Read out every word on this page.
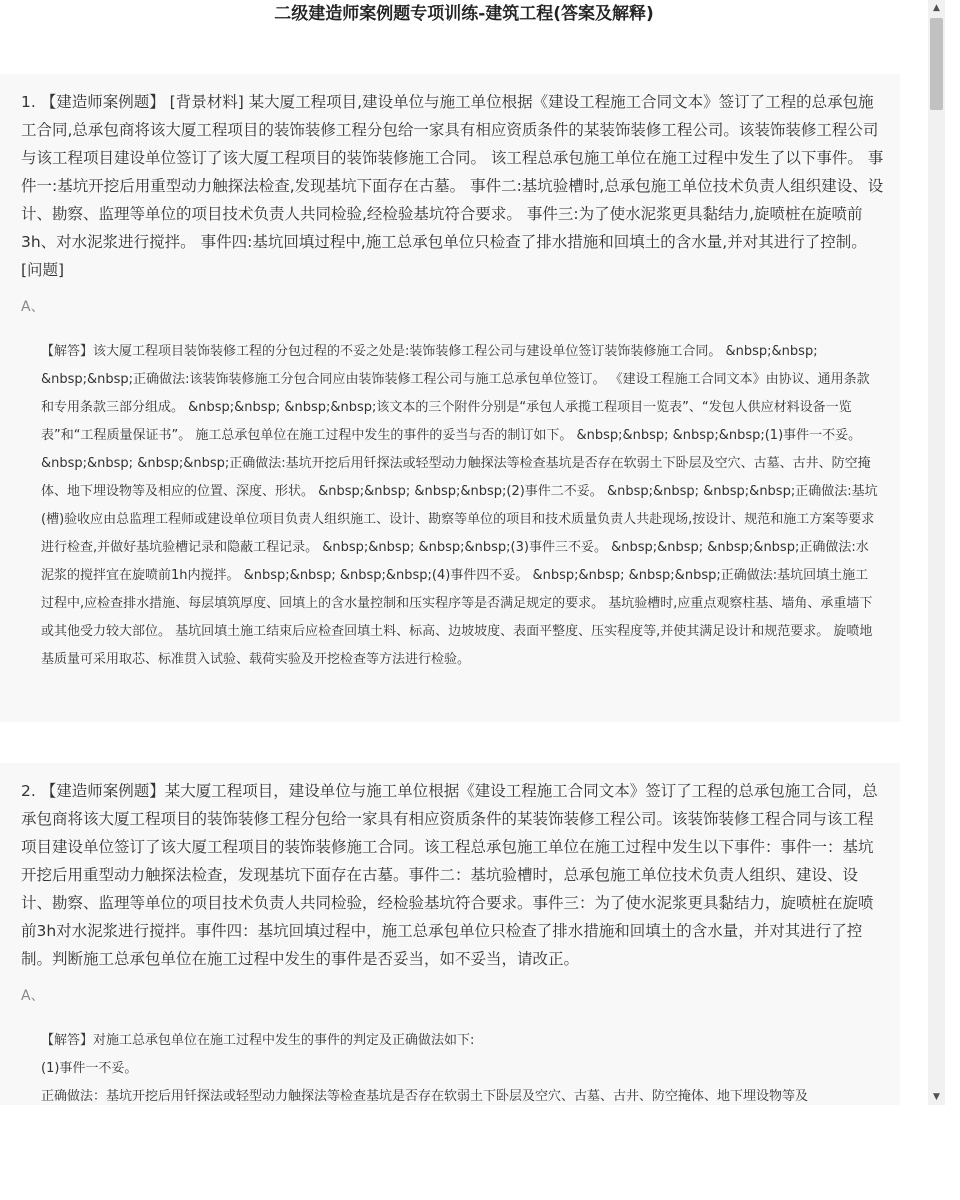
二级建造师案例题专项训练-建筑工程(答案及解释)

1. 【建造师案例题】 [背景材料] 某大厦工程项目,建设单位与施工单位根据《建设工程施工合同文本》签订了工程的总承包施工合同,总承包商将该大厦工程项目的装饰装修工程分包给一家具有相应资质条件的某装饰装修工程公司。该装饰装修工程公司与该工程项目建设单位签订了该大厦工程项目的装饰装修施工合同。 该工程总承包施工单位在施工过程中发生了以下事件。 事件一:基坑开挖后用重型动力触探法检查,发现基坑下面存在古墓。 事件二:基坑验槽时,总承包施工单位技术负责人组织建设、设计、勘察、监理等单位的项目技术负责人共同检验,经检验基坑符合要求。 事件三:为了使水泥浆更具黏结力,旋喷桩在旋喷前3h、对水泥浆进行搅拌。 事件四:基坑回填过程中,施工总承包单位只检查了排水措施和回填土的含水量,并对其进行了控制。 [问题]

A、

【解答】该大厦工程项目装饰装修工程的分包过程的不妥之处是:装饰装修工程公司与建设单位签订装饰装修施工合同。 &nbsp;&nbsp; &nbsp;&nbsp;正确做法:该装饰装修施工分包合同应由装饰装修工程公司与施工总承包单位签订。 《建设工程施工合同文本》由协议、通用条款和专用条款三部分组成。 &nbsp;&nbsp; &nbsp;&nbsp;该文本的三个附件分别是“承包人承揽工程项目一览表”、“发包人供应材料设备一览表”和“工程质量保证书”。 施工总承包单位在施工过程中发生的事件的妥当与否的制订如下。 &nbsp;&nbsp; &nbsp;&nbsp;(1)事件一不妥。 &nbsp;&nbsp; &nbsp;&nbsp;正确做法:基坑开挖后用钎探法或轻型动力触探法等检查基坑是否存在软弱土下卧层及空穴、古墓、古井、防空掩体、地下埋设物等及相应的位置、深度、形状。 &nbsp;&nbsp; &nbsp;&nbsp;(2)事件二不妥。 &nbsp;&nbsp; &nbsp;&nbsp;正确做法:基坑(槽)验收应由总监理工程师或建设单位项目负责人组织施工、设计、勘察等单位的项目和技术质量负责人共赴现场,按设计、规范和施工方案等要求进行检查,并做好基坑验槽记录和隐蔽工程记录。 &nbsp;&nbsp; &nbsp;&nbsp;(3)事件三不妥。 &nbsp;&nbsp; &nbsp;&nbsp;正确做法:水泥浆的搅拌宜在旋喷前1h内搅拌。 &nbsp;&nbsp; &nbsp;&nbsp;(4)事件四不妥。 &nbsp;&nbsp; &nbsp;&nbsp;正确做法:基坑回填土施工过程中,应检查排水措施、每层填筑厚度、回填上的含水量控制和压实程序等是否满足规定的要求。 基坑验槽时,应重点观察柱基、墙角、承重墙下或其他受力较大部位。 基坑回填土施工结束后应检查回填土料、标高、边坡坡度、表面平整度、压实程度等,并使其满足设计和规范要求。 旋喷地基质量可采用取芯、标准贯入试验、载荷实验及开挖检查等方法进行检验。

2. 【建造师案例题】某大厦工程项目，建设单位与施工单位根据《建设工程施工合同文本》签订了工程的总承包施工合同，总承包商将该大厦工程项目的装饰装修工程分包给一家具有相应资质条件的某装饰装修工程公司。该装饰装修工程合同与该工程项目建设单位签订了该大厦工程项目的装饰装修施工合同。该工程总承包施工单位在施工过程中发生以下事件：事件一：基坑开挖后用重型动力触探法检查，发现基坑下面存在古墓。事件二：基坑验槽时，总承包施工单位技术负责人组织、建设、设计、勘察、监理等单位的项目技术负责人共同检验，经检验基坑符合要求。事件三：为了使水泥浆更具黏结力，旋喷桩在旋喷前3h对水泥浆进行搅拌。事件四：基坑回填过程中，施工总承包单位只检查了排水措施和回填土的含水量，并对其进行了控制。判断施工总承包单位在施工过程中发生的事件是否妥当，如不妥当，请改正。

A、
【解答】对施工总承包单位在施工过程中发生的事件的判定及正确做法如下:
(1)事件一不妥。
正确做法：基坑开挖后用钎探法或轻型动力触探法等检查基坑是否存在软弱土下卧层及空穴、古墓、古井、防空掩体、地下埋设物等及
▲
▼
